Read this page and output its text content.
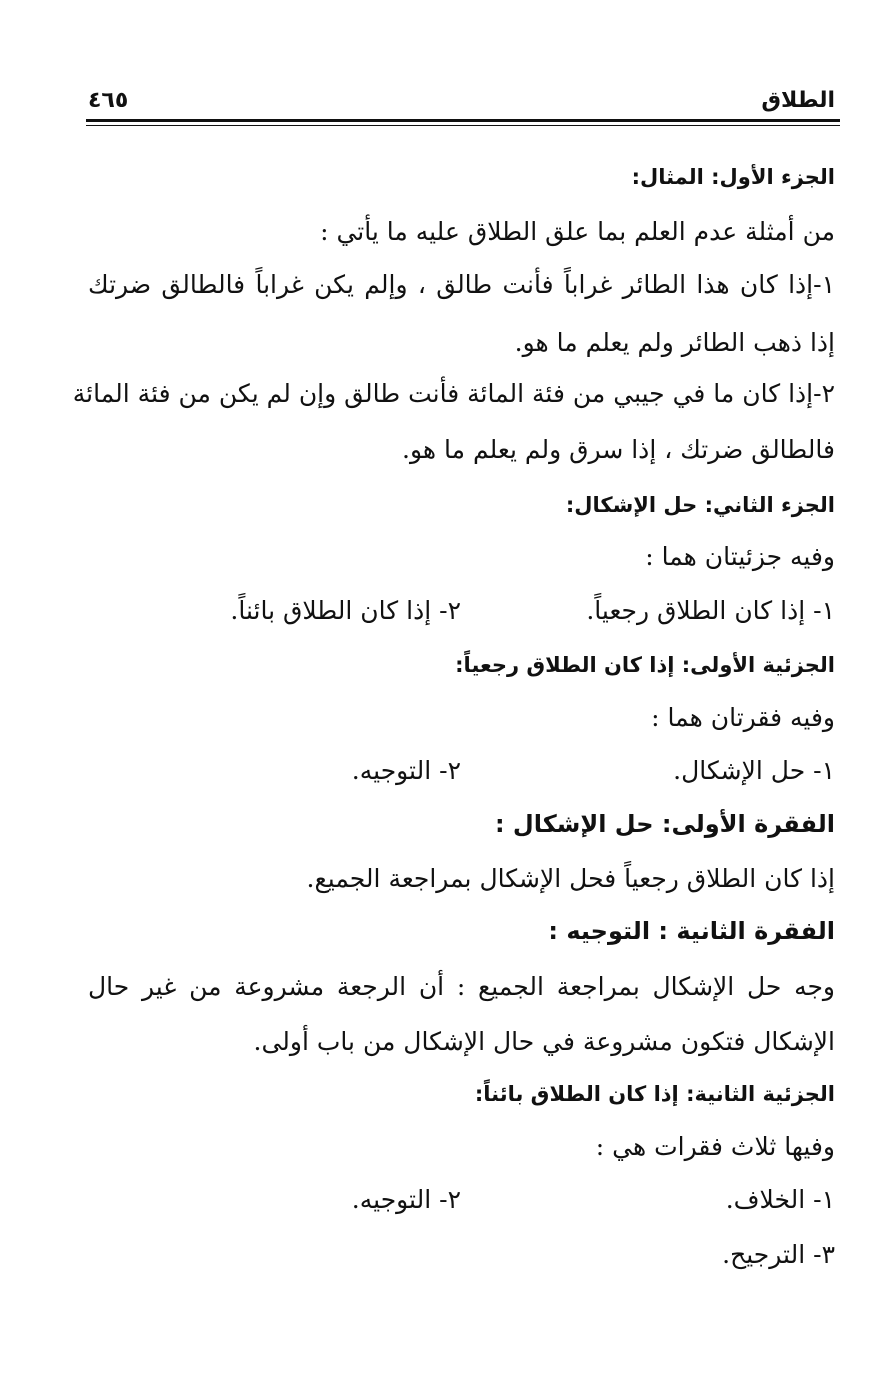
الطلاق
٤٦٥
الجزء الأول: المثال:
من أمثلة عدم العلم بما علق الطلاق عليه ما يأتي :
١-إذا كان هذا الطائر غراباً فأنت طالق ، وإلم يكن غراباً فالطالق ضرتك
إذا ذهب الطائر ولم يعلم ما هو.
٢-إذا كان ما في جيبي من فئة المائة فأنت طالق وإن لم يكن من فئة المائة
فالطالق ضرتك ، إذا سرق ولم يعلم ما هو.
الجزء الثاني: حل الإشكال:
وفيه جزئيتان هما :
١- إذا كان الطلاق رجعياً.
٢- إذا كان الطلاق بائناً.
الجزئية الأولى: إذا كان الطلاق رجعياً:
وفيه فقرتان هما :
١- حل الإشكال.
٢- التوجيه.
الفقرة الأولى: حل الإشكال :
إذا كان الطلاق رجعياً فحل الإشكال بمراجعة الجميع.
الفقرة الثانية : التوجيه :
وجه حل الإشكال بمراجعة الجميع : أن الرجعة مشروعة من غير حال
الإشكال فتكون مشروعة في حال الإشكال من باب أولى.
الجزئية الثانية: إذا كان الطلاق بائناً:
وفيها ثلاث فقرات هي :
١- الخلاف.
٢- التوجيه.
٣- الترجيح.
